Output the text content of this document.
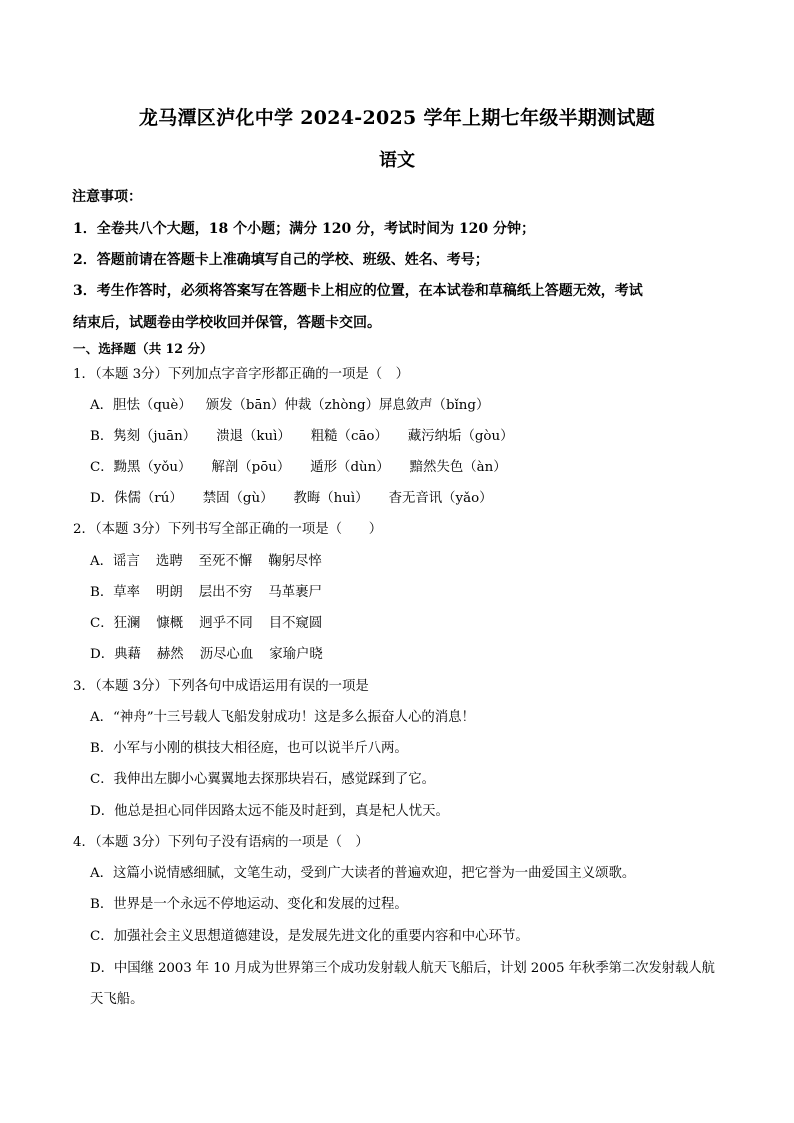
龙马潭区泸化中学 2024-2025 学年上期七年级半期测试题
语文
注意事项：
1．全卷共八个大题，18 个小题；满分 120 分，考试时间为 120 分钟；
2．答题前请在答题卡上准确填写自己的学校、班级、姓名、考号；
3．考生作答时，必须将答案写在答题卡上相应的位置，在本试卷和草稿纸上答题无效，考试
结束后，试题卷由学校收回并保管，答题卡交回。
一、选择题（共 12 分）
1．（本题 3分）下列加点字音字形都正确的一项是（　）
A．胆怯（què） 颁发（bān）仲裁（zhòng）屏息敛声（bǐng）
B．隽刻（juān） 溃退（kuì） 粗糙（cāo） 藏污纳垢（gòu）
C．黝黑（yǒu） 解剖（pōu） 遁形（dùn） 黯然失色（àn）
D．侏儒（rú） 禁固（gù） 教晦（huì） 杳无音讯（yǎo）
2．（本题 3分）下列书写全部正确的一项是（　　）
A．谣言 选聘 至死不懈 鞠躬尽悴
B．草率 明朗 层出不穷 马革裹尸
C．狂澜 慷概 迥乎不同 目不窥圆
D．典藉 赫然 沥尽心血 家瑜户晓
3．（本题 3分）下列各句中成语运用有误的一项是
A．“神舟”十三号载人飞船发射成功！这是多么振奋人心的消息！
B．小军与小刚的棋技大相径庭，也可以说半斤八两。
C．我伸出左脚小心翼翼地去探那块岩石，感觉踩到了它。
D．他总是担心同伴因路太远不能及时赶到，真是杞人忧天。
4．（本题 3分）下列句子没有语病的一项是（　）
A．这篇小说情感细腻，文笔生动，受到广大读者的普遍欢迎，把它誉为一曲爱国主义颂歌。
B．世界是一个永远不停地运动、变化和发展的过程。
C．加强社会主义思想道德建设，是发展先进文化的重要内容和中心环节。
D．中国继 2003 年 10 月成为世界第三个成功发射载人航天飞船后，计划 2005 年秋季第二次发射载人航
天飞船。
